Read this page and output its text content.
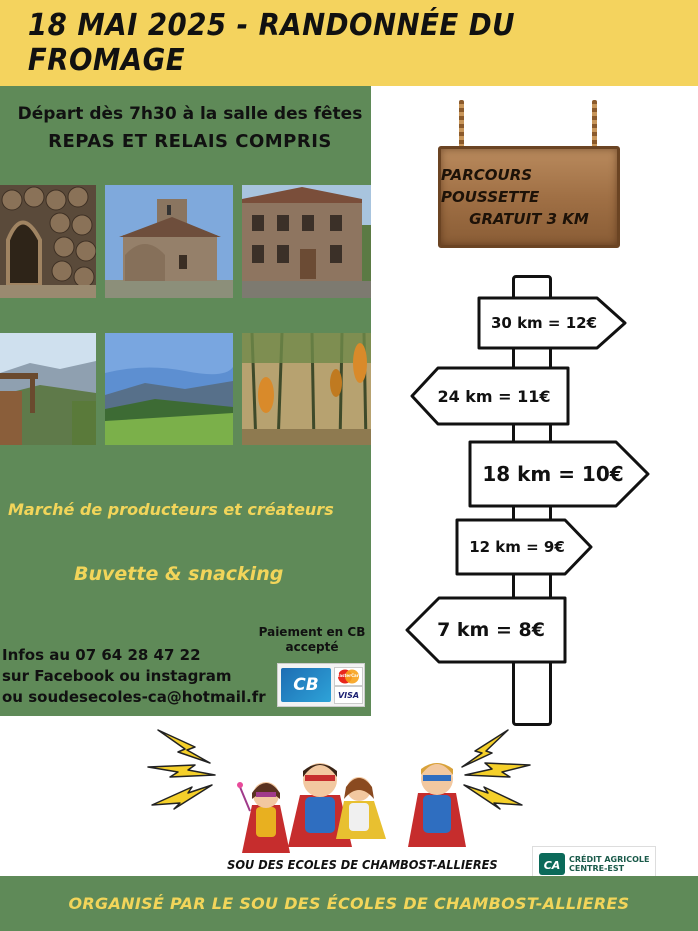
18 MAI 2025 - RANDONNÉE DU FROMAGE
Départ dès 7h30 à la salle des fêtes
REPAS ET RELAIS COMPRIS
Marché de producteurs et créateurs
Buvette & snacking
Infos au 07 64 28 47 22
sur Facebook ou instagram
ou soudesecoles-ca@hotmail.fr
Paiement en CB
accepté
CB	MasterCard
VISA
PARCOURS POUSSETTE
GRATUIT 3 KM
30 km = 12€
24 km = 11€
18 km = 10€
12 km = 9€
7 km = 8€
SOU DES ECOLES DE CHAMBOST-ALLIERES	CA CRÉDIT AGRICOLE
CENTRE-EST
ORGANISÉ PAR LE SOU DES ÉCOLES DE CHAMBOST-ALLIERES
